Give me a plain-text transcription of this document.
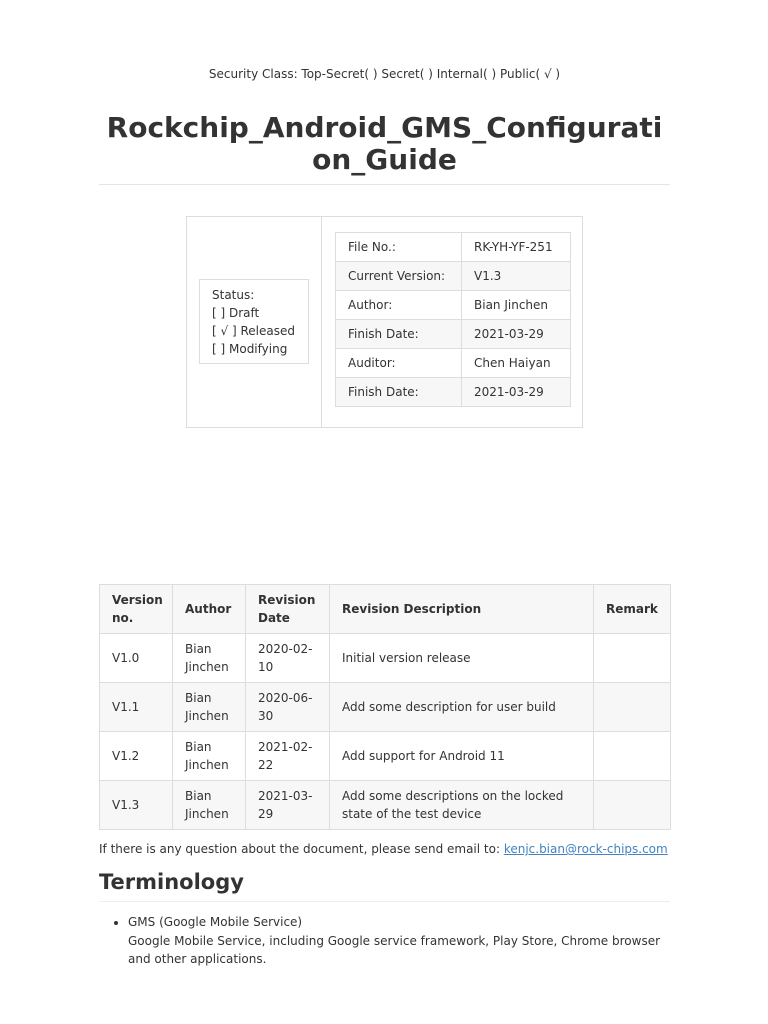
Security Class: Top-Secret( ) Secret( ) Internal( ) Public( √ )
Rockchip_Android_GMS_Configuration_Guide
Status:
[ ] Draft
[ √ ] Released
[ ] Modifying
File No.:	RK-YH-YF-251
Current Version:	V1.3
Author:	Bian Jinchen
Finish Date:	2021-03-29
Auditor:	Chen Haiyan
Finish Date:	2021-03-29
Version no.	Author	Revision Date	Revision Description	Remark
V1.0	Bian Jinchen	2020-02-10	Initial version release	
V1.1	Bian Jinchen	2020-06-30	Add some description for user build	
V1.2	Bian Jinchen	2021-02-22	Add support for Android 11	
V1.3	Bian Jinchen	2021-03-29	Add some descriptions on the locked state of the test device	
If there is any question about the document, please send email to: kenjc.bian@rock-chips.com
Terminology
• GMS (Google Mobile Service)
Google Mobile Service, including Google service framework, Play Store, Chrome browser and other applications.
